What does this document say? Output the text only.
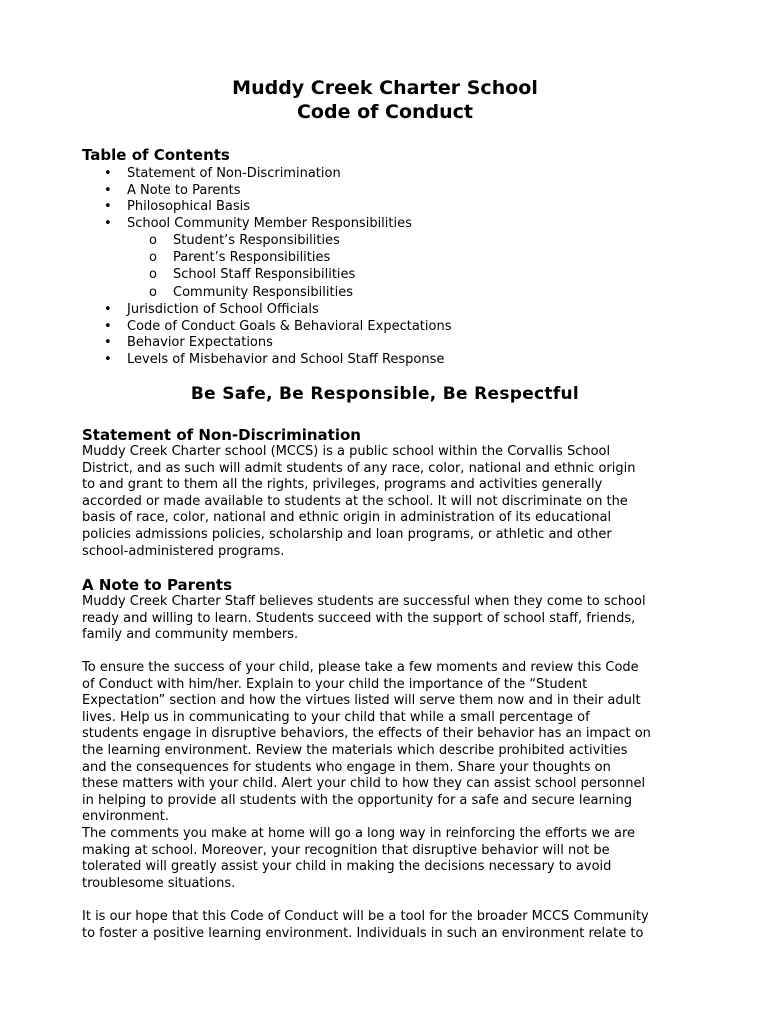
Muddy Creek Charter School
Code of Conduct
Table of Contents
• Statement of Non-Discrimination
• A Note to Parents
• Philosophical Basis
• School Community Member Responsibilities
o Student’s Responsibilities
o Parent’s Responsibilities
o School Staff Responsibilities
o Community Responsibilities
• Jurisdiction of School Officials
• Code of Conduct Goals & Behavioral Expectations
• Behavior Expectations
• Levels of Misbehavior and School Staff Response
Be Safe, Be Responsible, Be Respectful
Statement of Non-Discrimination
Muddy Creek Charter school (MCCS) is a public school within the Corvallis School
District, and as such will admit students of any race, color, national and ethnic origin
to and grant to them all the rights, privileges, programs and activities generally
accorded or made available to students at the school. It will not discriminate on the
basis of race, color, national and ethnic origin in administration of its educational
policies admissions policies, scholarship and loan programs, or athletic and other
school-administered programs.
A Note to Parents
Muddy Creek Charter Staff believes students are successful when they come to school
ready and willing to learn. Students succeed with the support of school staff, friends,
family and community members.
To ensure the success of your child, please take a few moments and review this Code
of Conduct with him/her. Explain to your child the importance of the “Student
Expectation” section and how the virtues listed will serve them now and in their adult
lives. Help us in communicating to your child that while a small percentage of
students engage in disruptive behaviors, the effects of their behavior has an impact on
the learning environment. Review the materials which describe prohibited activities
and the consequences for students who engage in them. Share your thoughts on
these matters with your child. Alert your child to how they can assist school personnel
in helping to provide all students with the opportunity for a safe and secure learning
environment.
The comments you make at home will go a long way in reinforcing the efforts we are
making at school. Moreover, your recognition that disruptive behavior will not be
tolerated will greatly assist your child in making the decisions necessary to avoid
troublesome situations.
It is our hope that this Code of Conduct will be a tool for the broader MCCS Community
to foster a positive learning environment. Individuals in such an environment relate to
